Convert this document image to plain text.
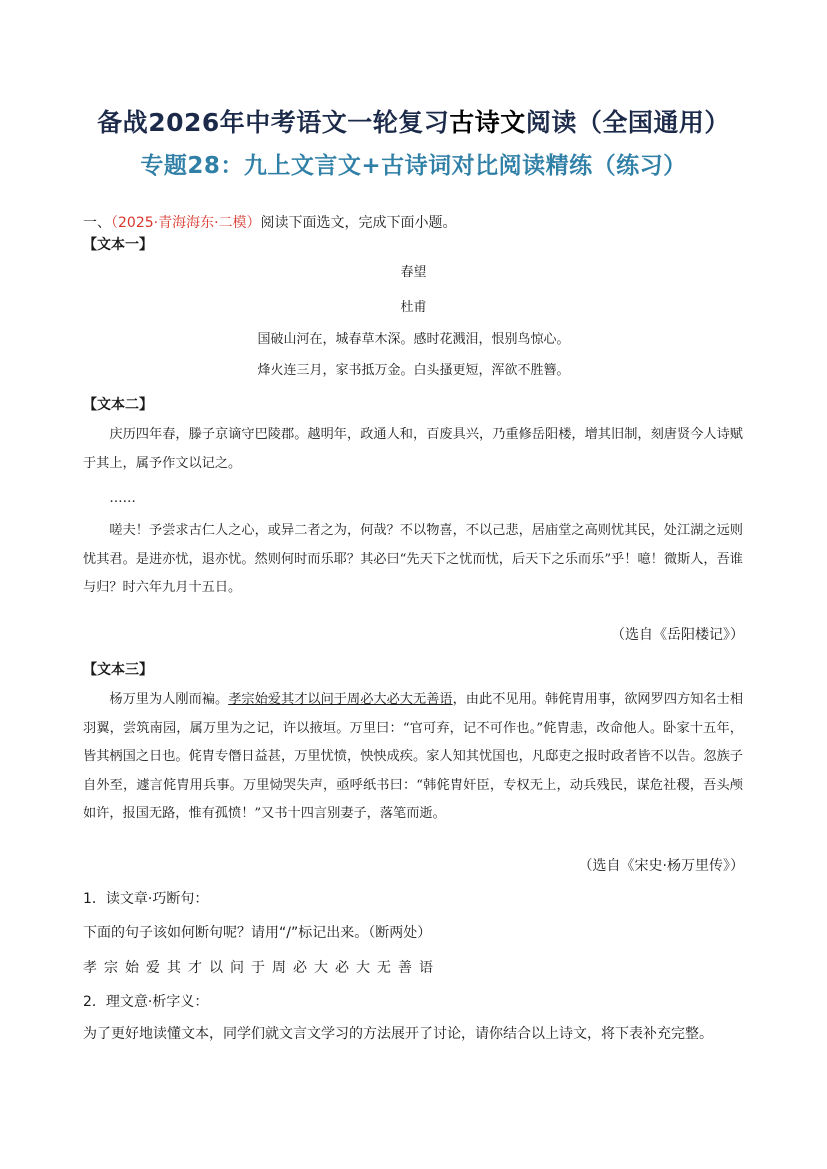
备战2026年中考语文一轮复习古诗文阅读（全国通用）
专题28：九上文言文+古诗词对比阅读精练（练习）
一、（2025·青海海东·二模）阅读下面选文，完成下面小题。
【文本一】
春望
杜甫
国破山河在，城春草木深。感时花溅泪，恨别鸟惊心。
烽火连三月，家书抵万金。白头搔更短，浑欲不胜簪。
【文本二】
庆历四年春，滕子京谪守巴陵郡。越明年，政通人和，百废具兴，乃重修岳阳楼，增其旧制，刻唐贤今人诗赋于其上，属予作文以记之。
……
嗟夫！予尝求古仁人之心，或异二者之为，何哉？不以物喜，不以己悲，居庙堂之高则忧其民，处江湖之远则忧其君。是进亦忧，退亦忧。然则何时而乐耶？其必曰“先天下之忧而忧，后天下之乐而乐”乎！噫！微斯人，吾谁与归？时六年九月十五日。
（选自《岳阳楼记》）
【文本三】
杨万里为人刚而褊。孝宗始爱其才以问于周必大必大无善语，由此不见用。韩侂胄用事，欲网罗四方知名士相羽翼，尝筑南园，属万里为之记，许以掖垣。万里曰：“官可弃，记不可作也。”侂胄恚，改命他人。卧家十五年，皆其柄国之日也。侂胄专僭日益甚，万里忧愤，怏怏成疾。家人知其忧国也，凡邸吏之报时政者皆不以告。忽族子自外至，遽言侂胄用兵事。万里恸哭失声，亟呼纸书曰：“韩侂胄奸臣，专权无上，动兵残民，谋危社稷，吾头颅如许，报国无路，惟有孤愤！”又书十四言别妻子，落笔而逝。
（选自《宋史·杨万里传》）
1．读文章·巧断句：
下面的句子该如何断句呢？请用“/”标记出来。（断两处）
孝宗始爱其才以问于周必大必大无善语
2．理文意·析字义：
为了更好地读懂文本，同学们就文言文学习的方法展开了讨论，请你结合以上诗文，将下表补充完整。
